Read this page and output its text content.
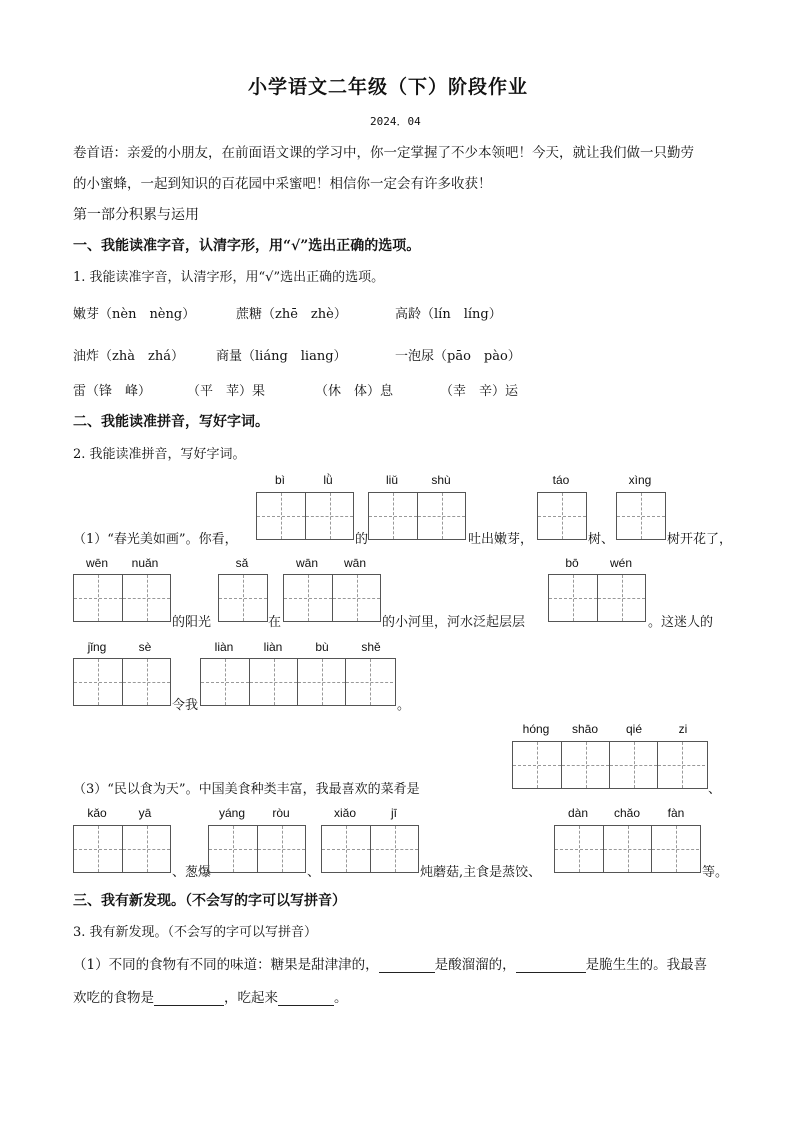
小学语文二年级（下）阶段作业
2024．04
卷首语：亲爱的小朋友，在前面语文课的学习中，你一定掌握了不少本领吧！今天，就让我们做一只勤劳
的小蜜蜂，一起到知识的百花园中采蜜吧！相信你一定会有许多收获！
第一部分积累与运用
一、我能读准字音，认清字形，用“√”选出正确的选项。
1. 我能读准字音，认清字形，用“√”选出正确的选项。
嫩芽（nèn　nèng）	蔗糖（zhē　zhè）	高龄（lín　líng）
油炸（zhà　zhá） 商量（liáng　liang）	一泡尿（pāo　pào）
雷（锋　峰）	（平　苹）果	（休　体）息	（幸　辛）运
二、我能读准拼音，写好字词。
2. 我能读准拼音，写好字词。
（1）“春光美如画”。你看，
bì	lǜ
的
liǔ	shù
吐出嫩芽，
táo
树、
xìng
树开花了，
wēn	nuǎn
的阳光
sǎ
在
wān	wān
的小河里，河水泛起层层
bō	wén
。这迷人的
jǐng	sè
令我
liàn	liàn	bù	shě
。
（3）“民以食为天”。中国美食种类丰富，我最喜欢的菜肴是
hóng	shāo	qié	zi
、
kǎo	yā
、葱爆
yáng	ròu
、
xiǎo	jī
炖蘑菇,主食是蒸饺、
dàn	chǎo	fàn
等。
三、我有新发现。（不会写的字可以写拼音）
3. 我有新发现。（不会写的字可以写拼音）
（1）不同的食物有不同的味道：糖果是甜津津的，	是酸溜溜的，	是脆生生的。我最喜
欢吃的食物是	，吃起来	。
